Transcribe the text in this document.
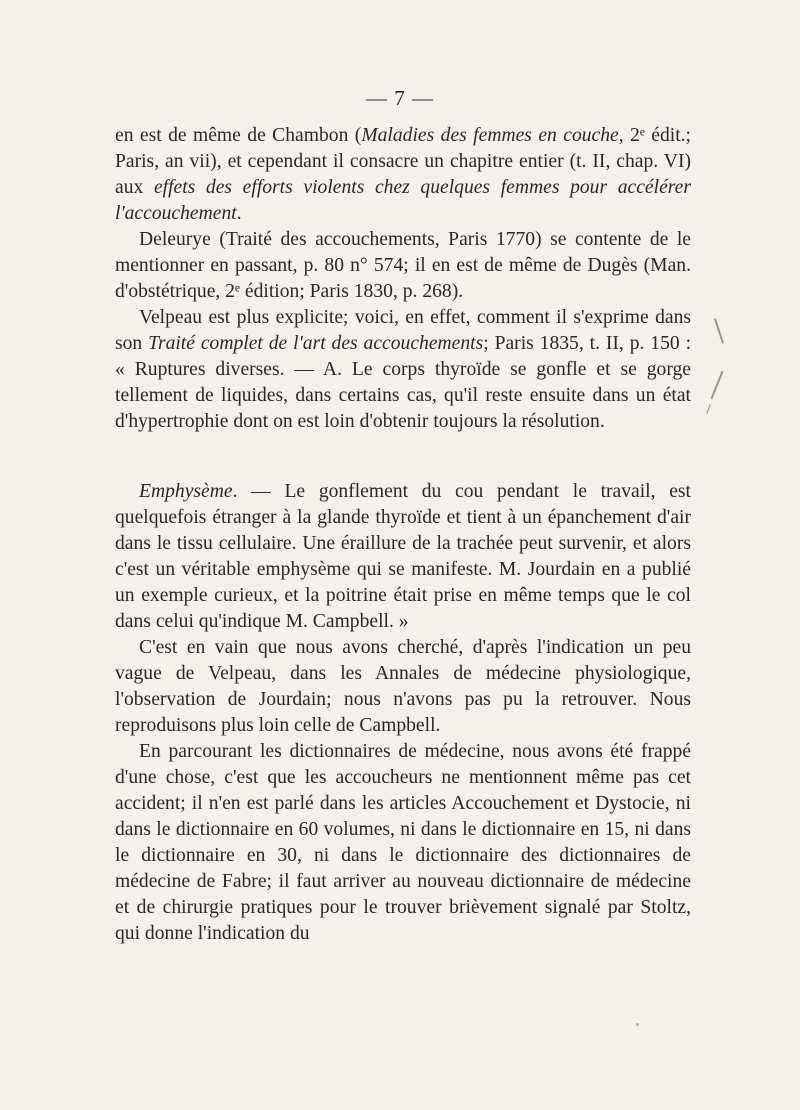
— 7 —

en est de même de Chambon (Maladies des femmes en couche, 2ᵉ édit.; Paris, an vii), et cependant il consacre un chapitre entier (t. II, chap. VI) aux effets des efforts violents chez quelques femmes pour accélérer l'accouchement.

Deleurye (Traité des accouchements, Paris 1770) se contente de le mentionner en passant, p. 80 n° 574; il en est de même de Dugès (Man. d'obstétrique, 2ᵉ édition; Paris 1830, p. 268).

Velpeau est plus explicite; voici, en effet, comment il s'exprime dans son Traité complet de l'art des accouchements; Paris 1835, t. II, p. 150 : « Ruptures diverses. — A. Le corps thyroïde se gonfle et se gorge tellement de liquides, dans certains cas, qu'il reste ensuite dans un état d'hypertrophie dont on est loin d'obtenir toujours la résolution.

Emphysème. — Le gonflement du cou pendant le travail, est quelquefois étranger à la glande thyroïde et tient à un épanchement d'air dans le tissu cellulaire. Une éraillure de la trachée peut survenir, et alors c'est un véritable emphysème qui se manifeste. M. Jourdain en a publié un exemple curieux, et la poitrine était prise en même temps que le col dans celui qu'indique M. Campbell. »

C'est en vain que nous avons cherché, d'après l'indication un peu vague de Velpeau, dans les Annales de médecine physiologique, l'observation de Jourdain; nous n'avons pas pu la retrouver. Nous reproduisons plus loin celle de Campbell.

En parcourant les dictionnaires de médecine, nous avons été frappé d'une chose, c'est que les accoucheurs ne mentionnent même pas cet accident; il n'en est parlé dans les articles Accouchement et Dystocie, ni dans le dictionnaire en 60 volumes, ni dans le dictionnaire en 15, ni dans le dictionnaire en 30, ni dans le dictionnaire des dictionnaires de médecine de Fabre; il faut arriver au nouveau dictionnaire de médecine et de chirurgie pratiques pour le trouver brièvement signalé par Stoltz, qui donne l'indication du
